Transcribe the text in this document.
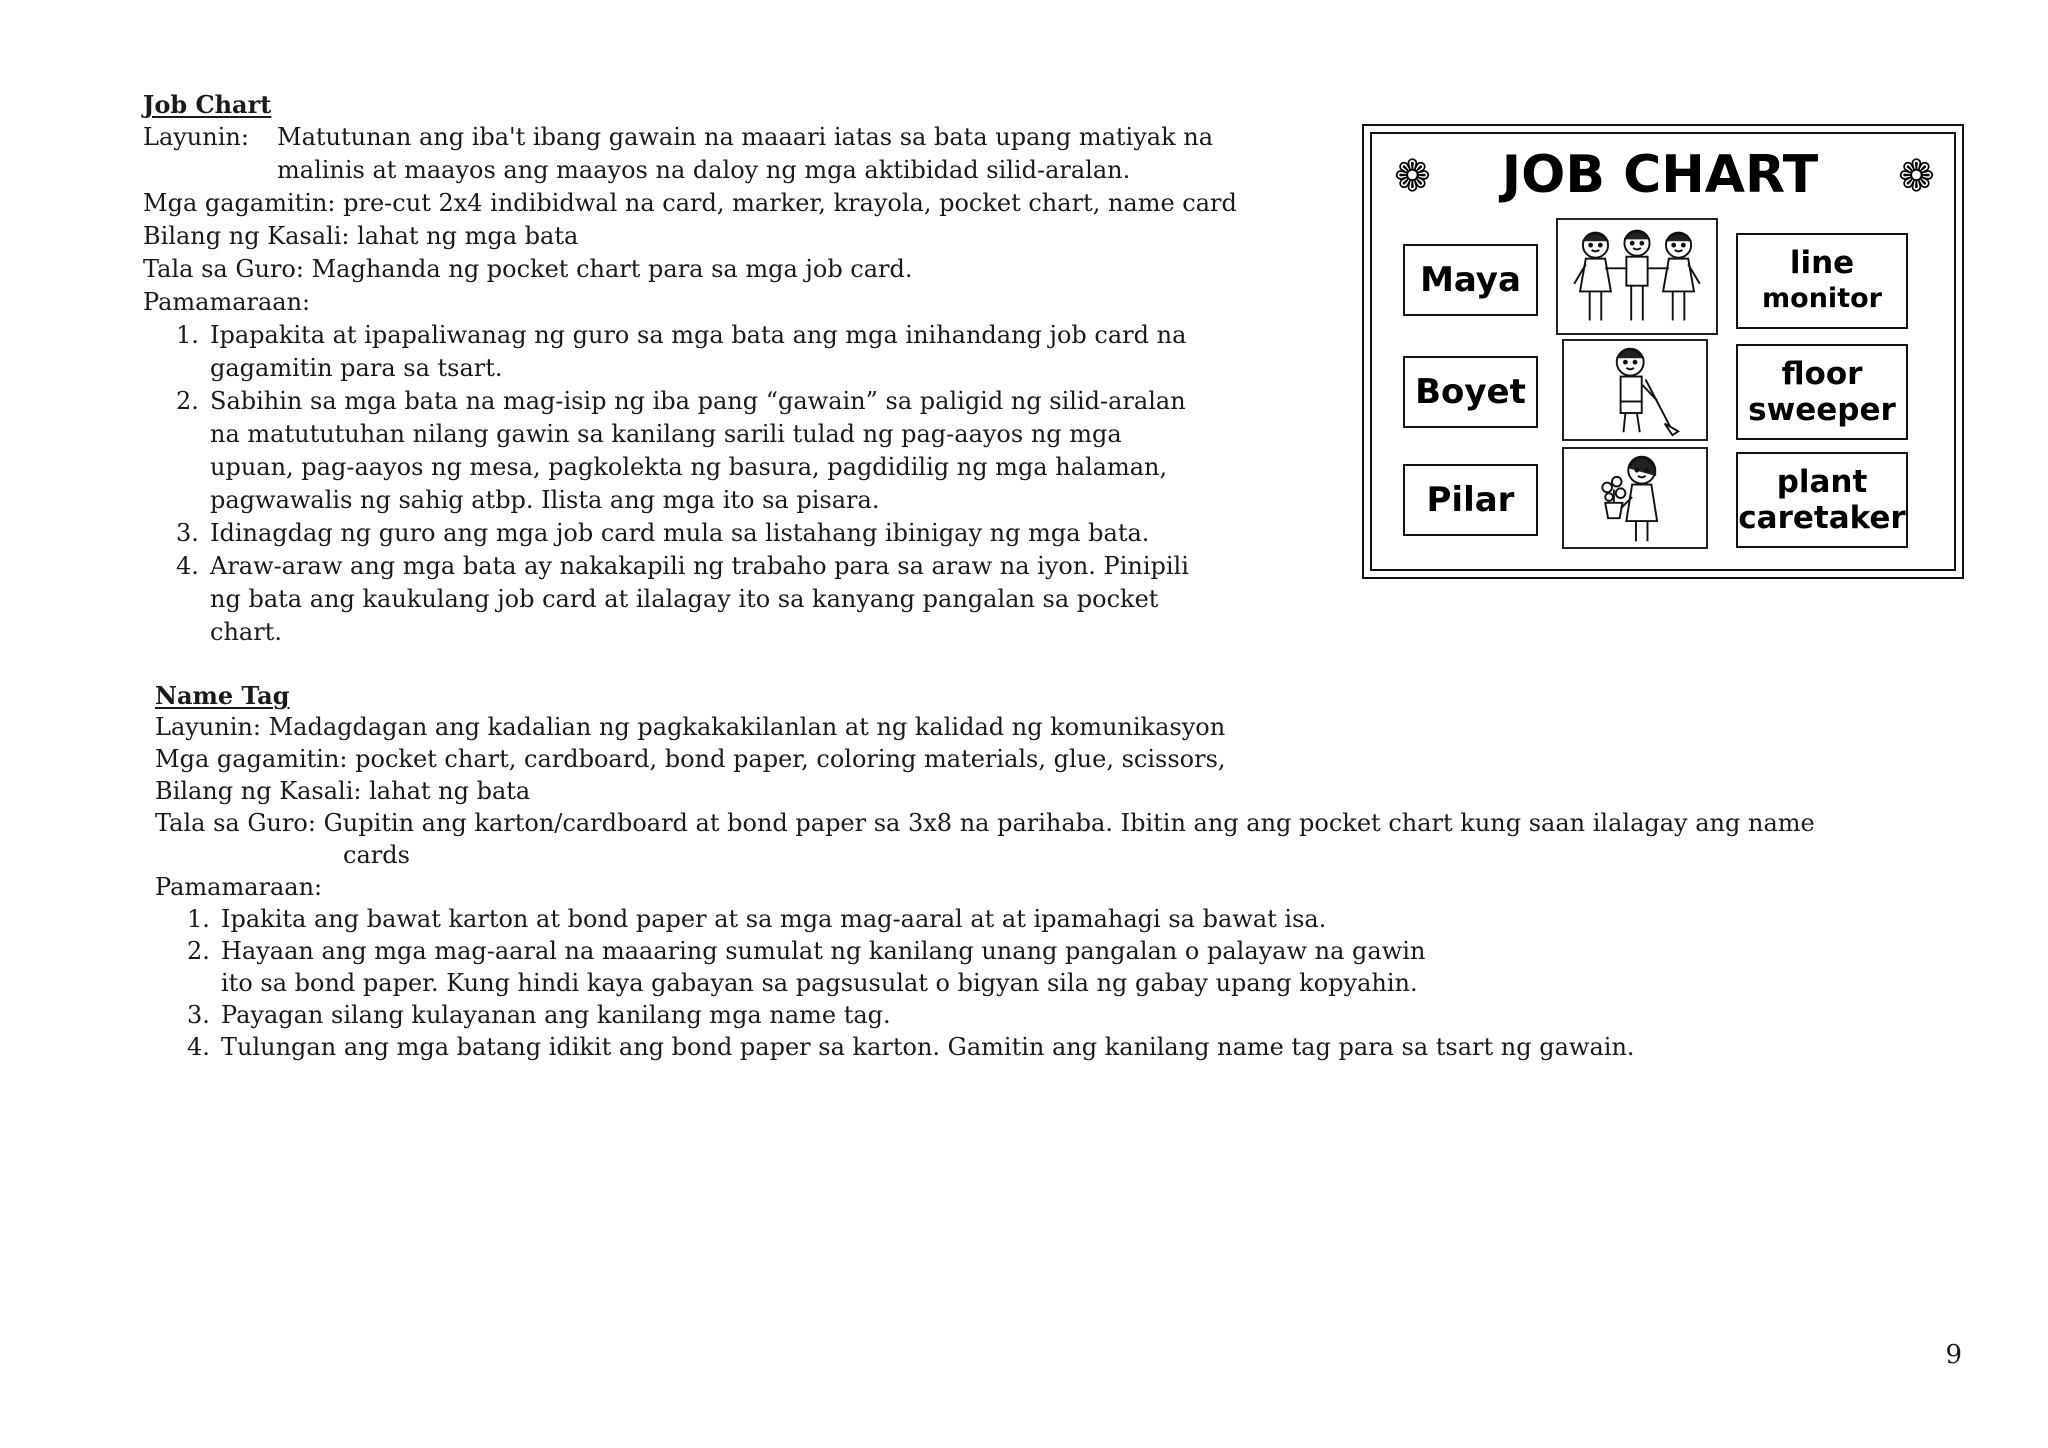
Job Chart
Layunin: Matutunan ang iba't ibang gawain na maaari iatas sa bata upang matiyak na
malinis at maayos ang maayos na daloy ng mga aktibidad silid-aralan.
Mga gagamitin: pre-cut 2x4 indibidwal na card, marker, krayola, pocket chart, name card
Bilang ng Kasali: lahat ng mga bata
Tala sa Guro: Maghanda ng pocket chart para sa mga job card.
Pamamaraan:
1. Ipapakita at ipapaliwanag ng guro sa mga bata ang mga inihandang job card na
gagamitin para sa tsart.
2. Sabihin sa mga bata na mag-isip ng iba pang “gawain” sa paligid ng silid-aralan
na matututuhan nilang gawin sa kanilang sarili tulad ng pag-aayos ng mga
upuan, pag-aayos ng mesa, pagkolekta ng basura, pagdidilig ng mga halaman,
pagwawalis ng sahig atbp. Ilista ang mga ito sa pisara.
3. Idinagdag ng guro ang mga job card mula sa listahang ibinigay ng mga bata.
4. Araw-araw ang mga bata ay nakakapili ng trabaho para sa araw na iyon. Pinipili
ng bata ang kaukulang job card at ilalagay ito sa kanyang pangalan sa pocket
chart.
❁	❁
JOB CHART
Maya	line
monitor
Boyet	floor
sweeper
Pilar	plant
caretaker
Name Tag
Layunin: Madagdagan ang kadalian ng pagkakakilanlan at ng kalidad ng komunikasyon
Mga gagamitin: pocket chart, cardboard, bond paper, coloring materials, glue, scissors,
Bilang ng Kasali: lahat ng bata
Tala sa Guro: Gupitin ang karton/cardboard at bond paper sa 3x8 na parihaba. Ibitin ang ang pocket chart kung saan ilalagay ang name
cards
Pamamaraan:
1. Ipakita ang bawat karton at bond paper at sa mga mag-aaral at at ipamahagi sa bawat isa.
2. Hayaan ang mga mag-aaral na maaaring sumulat ng kanilang unang pangalan o palayaw na gawin
ito sa bond paper. Kung hindi kaya gabayan sa pagsusulat o bigyan sila ng gabay upang kopyahin.
3. Payagan silang kulayanan ang kanilang mga name tag.
4. Tulungan ang mga batang idikit ang bond paper sa karton. Gamitin ang kanilang name tag para sa tsart ng gawain.
9
